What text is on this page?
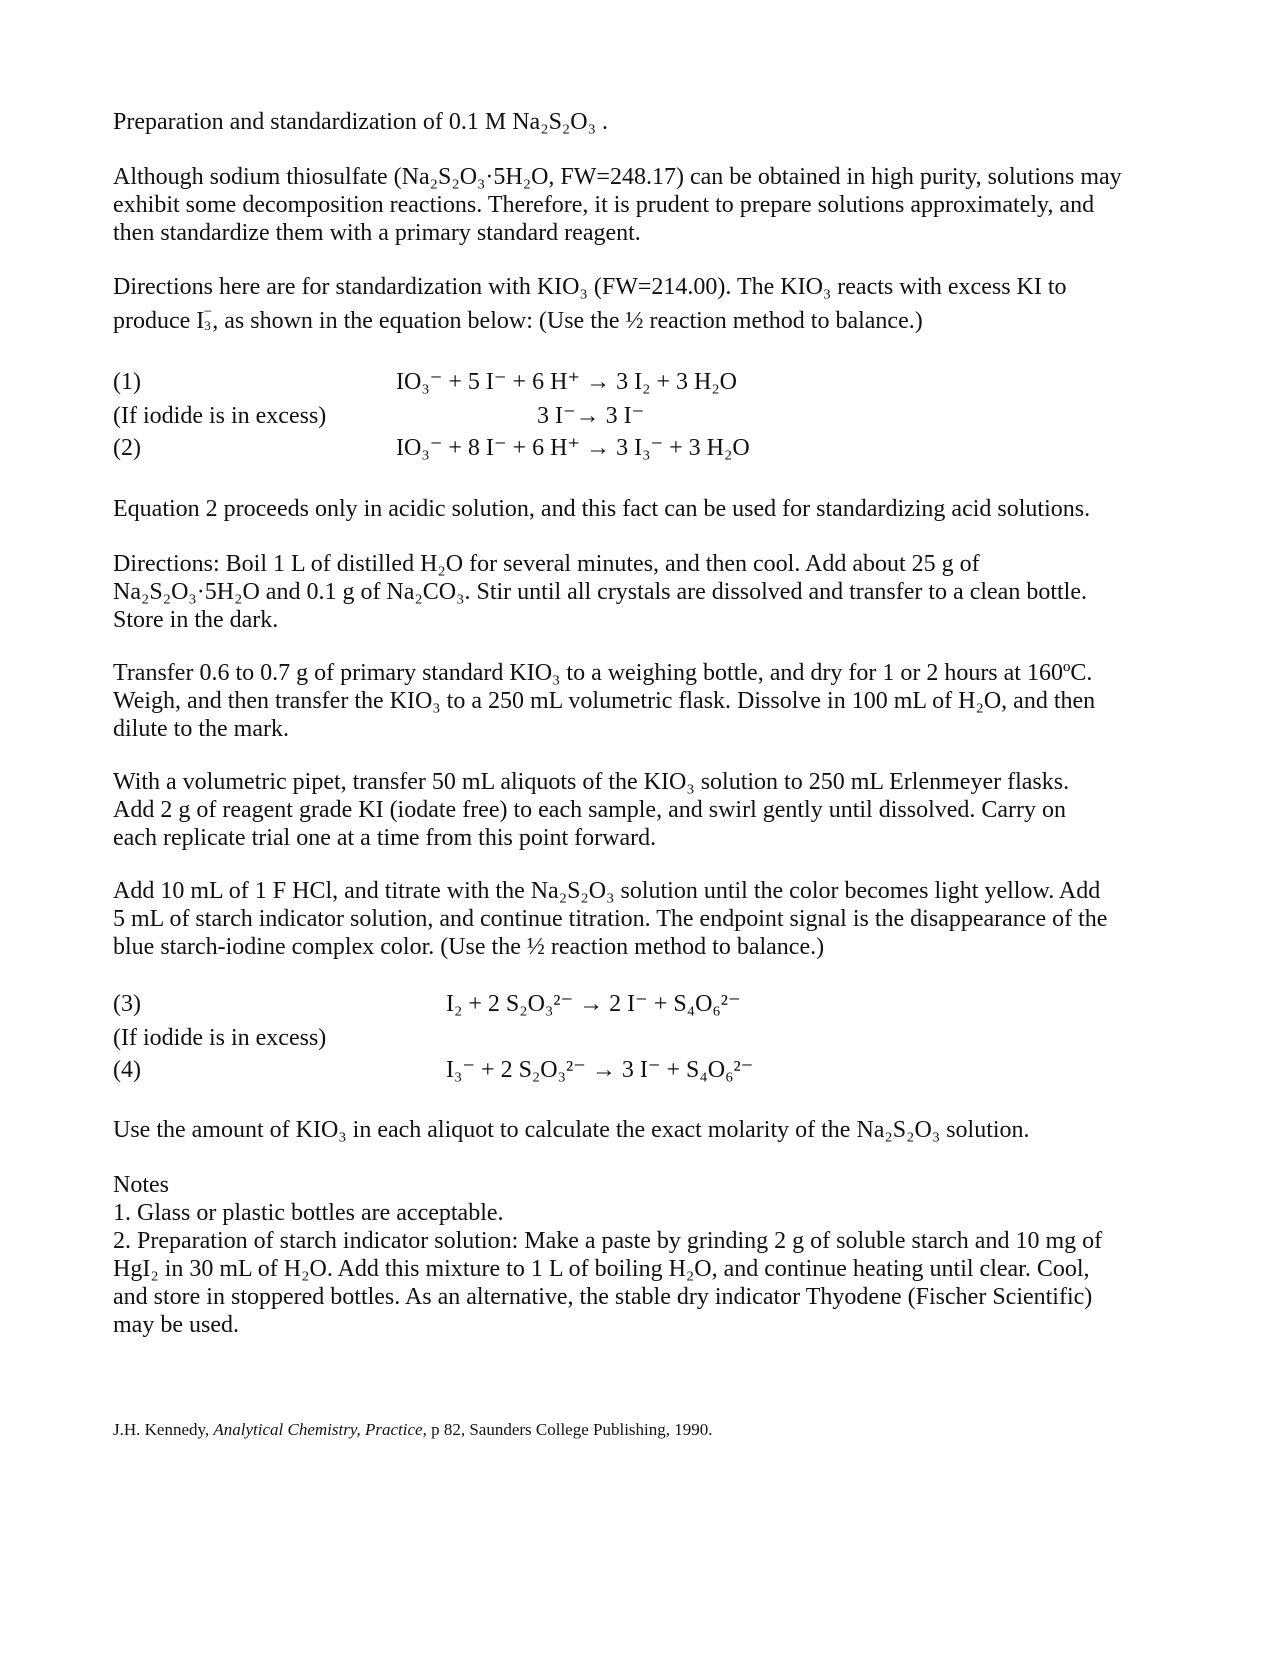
Preparation and standardization of 0.1 M Na₂S₂O₃ .

Although sodium thiosulfate (Na₂S₂O₃·5H₂O, FW=248.17) can be obtained in high purity, solutions may
exhibit some decomposition reactions. Therefore, it is prudent to prepare solutions approximately, and
then standardize them with a primary standard reagent.

Directions here are for standardization with KIO₃ (FW=214.00). The KIO₃ reacts with excess KI to
produce $I_3^-$, as shown in the equation below: (Use the ½ reaction method to balance.)

(1)	IO₃⁻ + 5 I⁻ + 6 H⁺ → 3 I₂ + 3 H₂O
(If iodide is in excess)	3 I⁻→ 3 I⁻
(2)	IO₃⁻ + 8 I⁻ + 6 H⁺ → 3 I₃⁻ + 3 H₂O

Equation 2 proceeds only in acidic solution, and this fact can be used for standardizing acid solutions.

Directions: Boil 1 L of distilled H₂O for several minutes, and then cool. Add about 25 g of
Na₂S₂O₃·5H₂O and 0.1 g of Na₂CO₃. Stir until all crystals are dissolved and transfer to a clean bottle.
Store in the dark.

Transfer 0.6 to 0.7 g of primary standard KIO₃ to a weighing bottle, and dry for 1 or 2 hours at 160ºC.
Weigh, and then transfer the KIO₃ to a 250 mL volumetric flask. Dissolve in 100 mL of H₂O, and then
dilute to the mark.

With a volumetric pipet, transfer 50 mL aliquots of the KIO₃ solution to 250 mL Erlenmeyer flasks.
Add 2 g of reagent grade KI (iodate free) to each sample, and swirl gently until dissolved. Carry on
each replicate trial one at a time from this point forward.

Add 10 mL of 1 F HCl, and titrate with the Na₂S₂O₃ solution until the color becomes light yellow. Add
5 mL of starch indicator solution, and continue titration. The endpoint signal is the disappearance of the
blue starch-iodine complex color. (Use the ½ reaction method to balance.)

(3)	I₂ + 2 S₂O₃²⁻ → 2 I⁻ + S₄O₆²⁻
(If iodide is in excess)
(4)	I₃⁻ + 2 S₂O₃²⁻ → 3 I⁻ + S₄O₆²⁻

Use the amount of KIO₃ in each aliquot to calculate the exact molarity of the Na₂S₂O₃ solution.

Notes
1. Glass or plastic bottles are acceptable.
2. Preparation of starch indicator solution: Make a paste by grinding 2 g of soluble starch and 10 mg of
HgI₂ in 30 mL of H₂O. Add this mixture to 1 L of boiling H₂O, and continue heating until clear. Cool,
and store in stoppered bottles. As an alternative, the stable dry indicator Thyodene (Fischer Scientific)
may be used.

J.H. Kennedy, Analytical Chemistry, Practice, p 82, Saunders College Publishing, 1990.
